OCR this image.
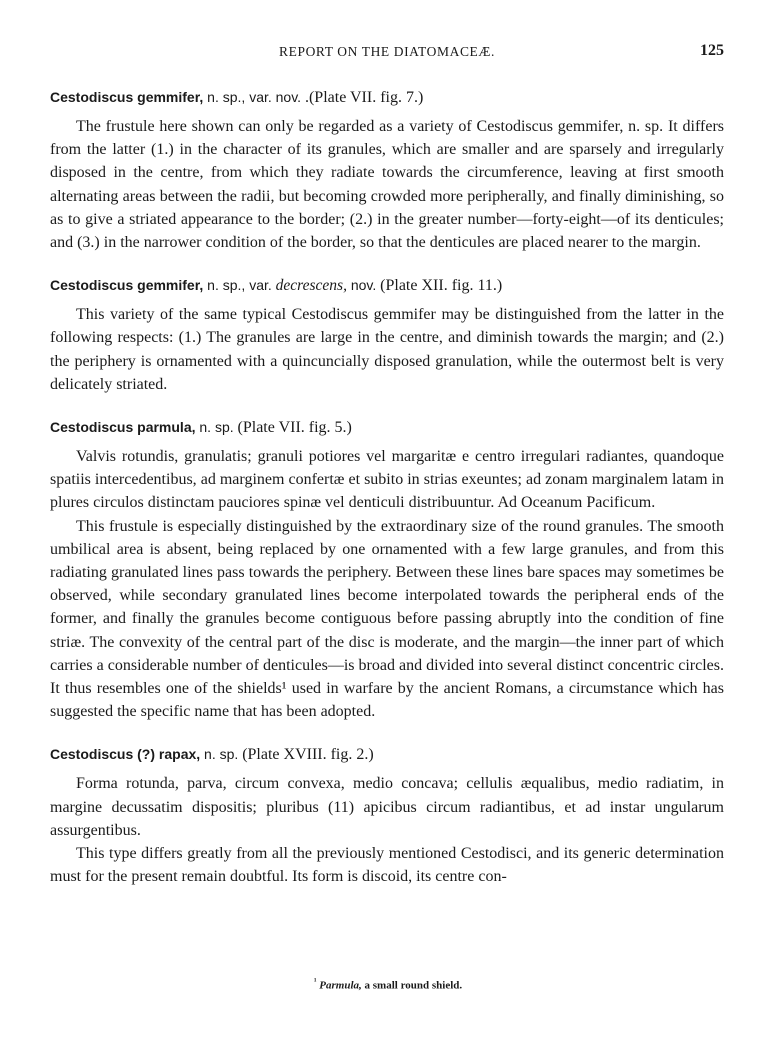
REPORT ON THE DIATOMACEÆ.	125
Cestodiscus gemmifer, n. sp., var. nov. .(Plate VII. fig. 7.)

The frustule here shown can only be regarded as a variety of Cestodiscus gemmifer, n. sp. It differs from the latter (1.) in the character of its granules, which are smaller and are sparsely and irregularly disposed in the centre, from which they radiate towards the circumference, leaving at first smooth alternating areas between the radii, but becoming crowded more peripherally, and finally diminishing, so as to give a striated appearance to the border; (2.) in the greater number—forty-eight—of its denticules; and (3.) in the narrower condition of the border, so that the denticules are placed nearer to the margin.

Cestodiscus gemmifer, n. sp., var. decrescens, nov. (Plate XII. fig. 11.)

This variety of the same typical Cestodiscus gemmifer may be distinguished from the latter in the following respects: (1.) The granules are large in the centre, and diminish towards the margin; and (2.) the periphery is ornamented with a quincuncially disposed granulation, while the outermost belt is very delicately striated.

Cestodiscus parmula, n. sp. (Plate VII. fig. 5.)

Valvis rotundis, granulatis; granuli potiores vel margaritæ e centro irregulari radiantes, quandoque spatiis intercedentibus, ad marginem confertæ et subito in strias exeuntes; ad zonam marginalem latam in plures circulos distinctam pauciores spinæ vel denticuli distribuuntur. Ad Oceanum Pacificum.

This frustule is especially distinguished by the extraordinary size of the round granules. The smooth umbilical area is absent, being replaced by one ornamented with a few large granules, and from this radiating granulated lines pass towards the periphery. Between these lines bare spaces may sometimes be observed, while secondary granulated lines become interpolated towards the peripheral ends of the former, and finally the granules become contiguous before passing abruptly into the condition of fine striæ. The convexity of the central part of the disc is moderate, and the margin—the inner part of which carries a considerable number of denticules—is broad and divided into several distinct concentric circles. It thus resembles one of the shields¹ used in warfare by the ancient Romans, a circumstance which has suggested the specific name that has been adopted.

Cestodiscus (?) rapax, n. sp. (Plate XVIII. fig. 2.)

Forma rotunda, parva, circum convexa, medio concava; cellulis æqualibus, medio radiatim, in margine decussatim dispositis; pluribus (11) apicibus circum radiantibus, et ad instar ungularum assurgentibus.

This type differs greatly from all the previously mentioned Cestodisci, and its generic determination must for the present remain doubtful. Its form is discoid, its centre con-

$^{^1}$ Parmula, a small round shield.
